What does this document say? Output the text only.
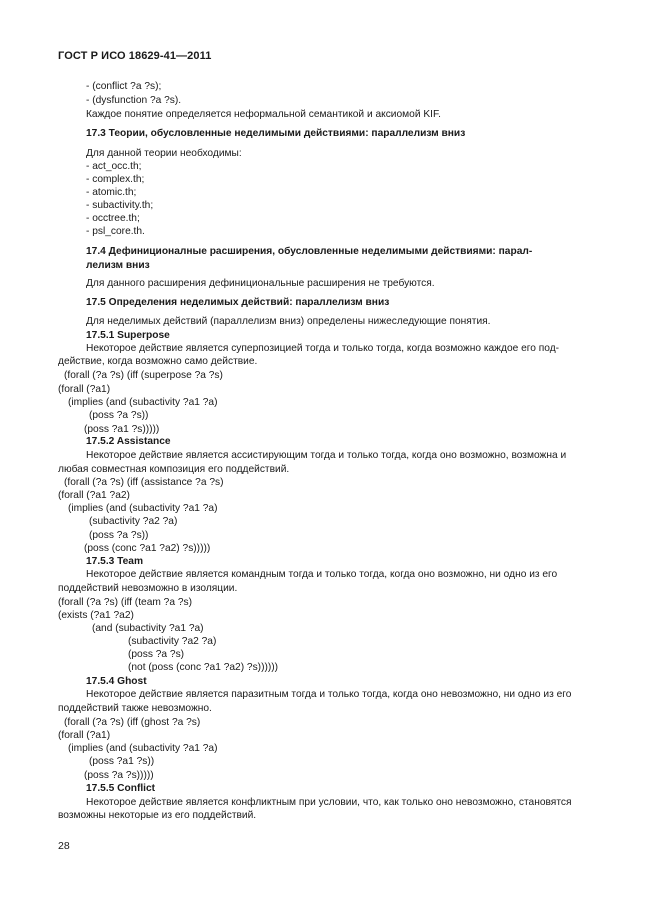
ГОСТ Р ИСО 18629-41—2011
- (conflict ?a ?s);
- (dysfunction ?a ?s).
Каждое понятие определяется неформальной семантикой и аксиомой KIF.
17.3 Теории, обусловленные неделимыми действиями: параллелизм вниз
Для данной теории необходимы:
- act_occ.th;
- complex.th;
- atomic.th;
- subactivity.th;
- occtree.th;
- psl_core.th.
17.4 Дефиниционалные расширения, обусловленные неделимыми действиями: парал-
лелизм вниз
Для данного расширения дефинициональные расширения не требуются.
17.5 Определения неделимых действий: параллелизм вниз
Для неделимых действий (параллелизм вниз) определены нижеследующие понятия.
17.5.1 Superpose
Некоторое действие является суперпозицией тогда и только тогда, когда возможно каждое его под-
действие, когда возможно само действие.
(forall (?a ?s) (iff (superpose ?a ?s)
(forall (?a1)
(implies (and (subactivity ?a1 ?a)
(poss ?a ?s))
(poss ?a1 ?s)))))
17.5.2 Assistance
Некоторое действие является ассистирующим тогда и только тогда, когда оно возможно, возможна и
любая совместная композиция его поддействий.
(forall (?a ?s) (iff (assistance ?a ?s)
(forall (?a1 ?a2)
(implies (and (subactivity ?a1 ?a)
(subactivity ?a2 ?a)
(poss ?a ?s))
(poss (conc ?a1 ?a2) ?s)))))
17.5.3 Team
Некоторое действие является командным тогда и только тогда, когда оно возможно, ни одно из его
поддействий невозможно в изоляции.
(forall (?a ?s) (iff (team ?a ?s)
(exists (?a1 ?a2)
(and (subactivity ?a1 ?a)
(subactivity ?a2 ?a)
(poss ?a ?s)
(not (poss (conc ?a1 ?a2) ?s))))))
17.5.4 Ghost
Некоторое действие является паразитным тогда и только тогда, когда оно невозможно, ни одно из его
поддействий также невозможно.
(forall (?a ?s) (iff (ghost ?a ?s)
(forall (?a1)
(implies (and (subactivity ?a1 ?a)
(poss ?a1 ?s))
(poss ?a ?s)))))
17.5.5 Conflict
Некоторое действие является конфликтным при условии, что, как только оно невозможно, становятся
возможны некоторые из его поддействий.
28
